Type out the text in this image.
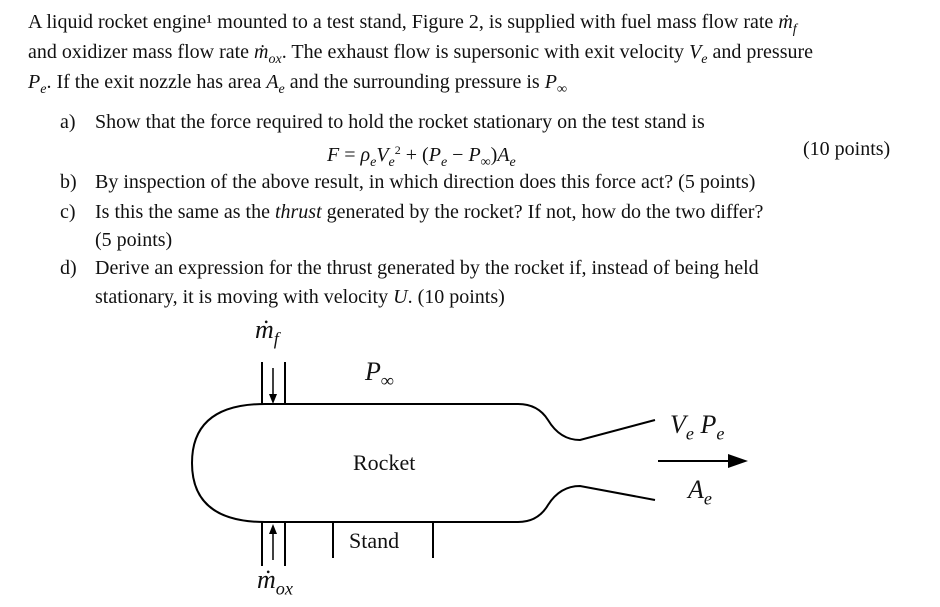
A liquid rocket engine¹ mounted to a test stand, Figure 2, is supplied with fuel mass flow rate ṁ$_f$
and oxidizer mass flow rate ṁ$_{ox}$. The exhaust flow is supersonic with exit velocity $V_e$ and pressure
$P_e$. If the exit nozzle has area $A_e$ and the surrounding pressure is $P_\infty$
a) Show that the force required to hold the rocket stationary on the test stand is
$F = \rho_eV_e^2 + (P_e - P_\infty)A_e$
(10 points)
b) By inspection of the above result, in which direction does this force act? (5 points)
c) Is this the same as the thrust generated by the rocket? If not, how do the two differ?
(5 points)
d) Derive an expression for the thrust generated by the rocket if, instead of being held
stationary, it is moving with velocity U. (10 points)
ṁ$_f$
$P_\infty$
Rocket
Stand
$V_e$ $P_e$
$A_e$
ṁ$_{ox}$
